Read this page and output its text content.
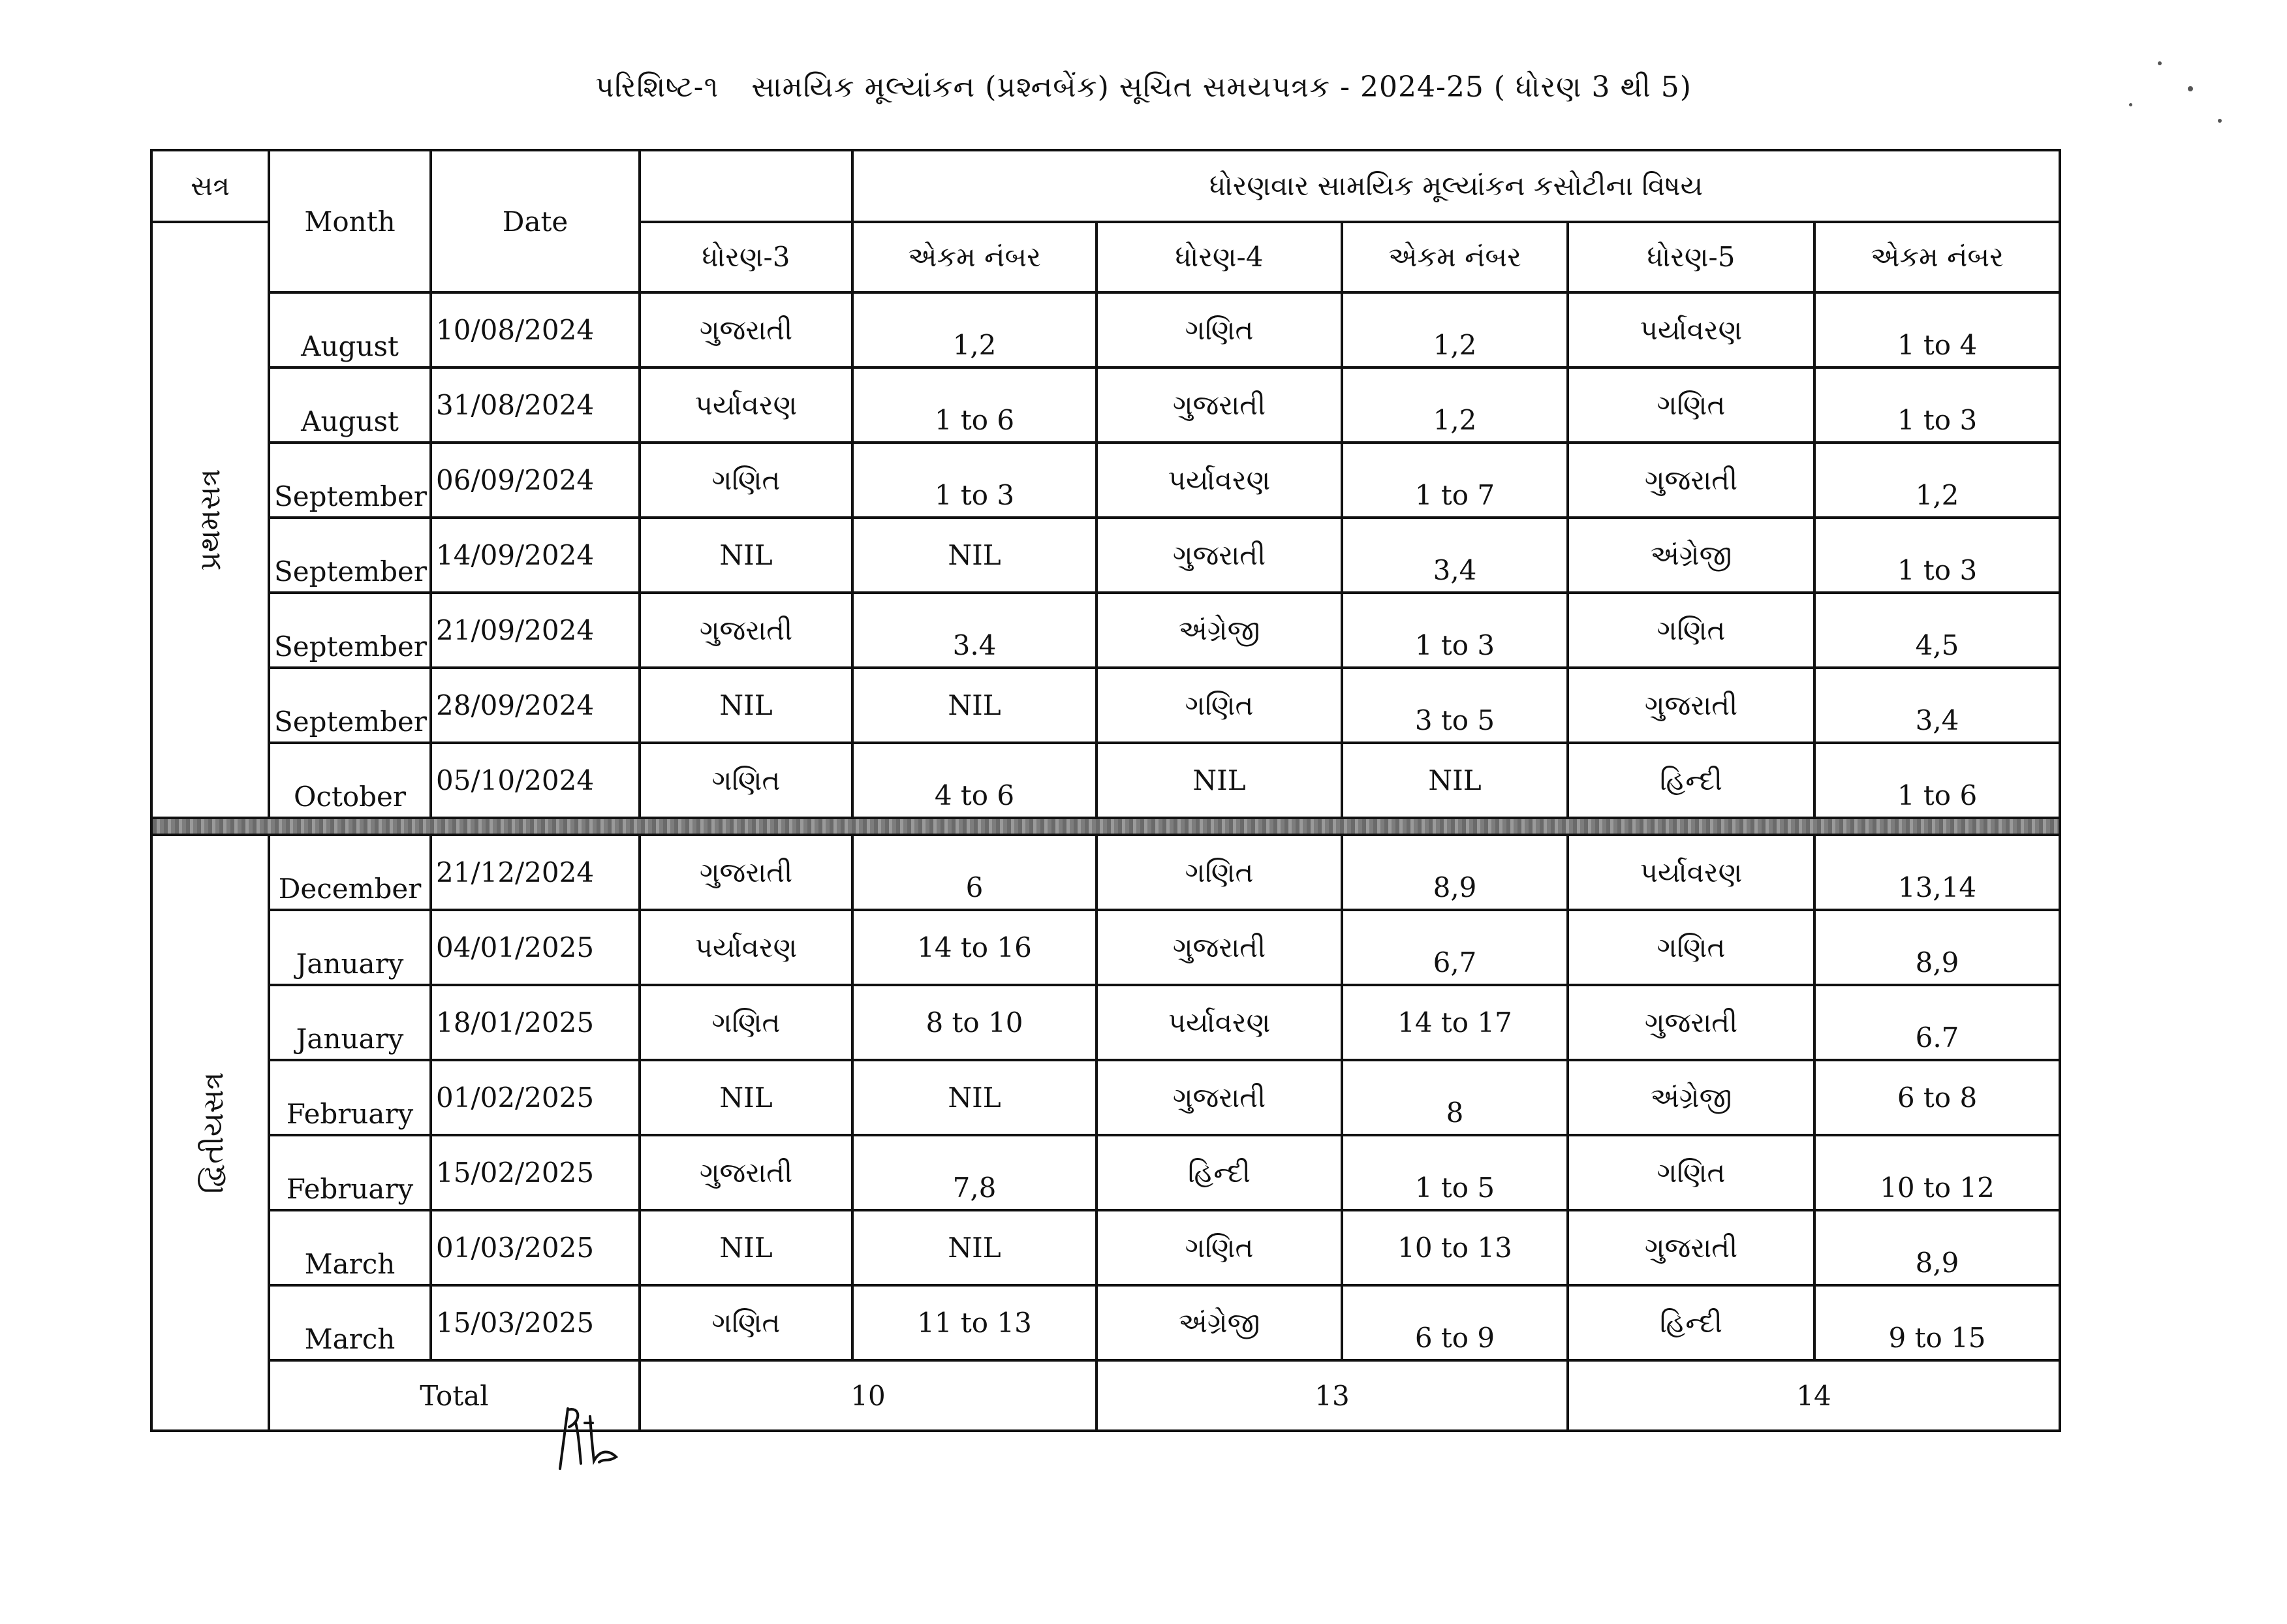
પરિશિષ્ટ-૧ સામયિક મૂલ્યાંકન (પ્રશ્નબેંક) સૂચિત સમયપત્રક - 2024-25 ( ધોરણ 3 થી 5)
સત્ર	Month	Date		ધોરણવાર સામયિક મૂલ્યાંકન કસોટીના વિષય				
પ્રથમસત્ર			ધોરણ-3	એકમ નંબર	ધોરણ-4	એકમ નંબર	ધોરણ-5	એકમ નંબર
	August	10/08/2024	ગુજરાતી	1,2	ગણિત	1,2	પર્યાવરણ	1 to 4
	August	31/08/2024	પર્યાવરણ	1 to 6	ગુજરાતી	1,2	ગણિત	1 to 3
	September	06/09/2024	ગણિત	1 to 3	પર્યાવરણ	1 to 7	ગુજરાતી	1,2
	September	14/09/2024	NIL	NIL	ગુજરાતી	3,4	અંગ્રેજી	1 to 3
	September	21/09/2024	ગુજરાતી	3.4	અંગ્રેજી	1 to 3	ગણિત	4,5
	September	28/09/2024	NIL	NIL	ગણિત	3 to 5	ગુજરાતી	3,4
	October	05/10/2024	ગણિત	4 to 6	NIL	NIL	હિન્દી	1 to 6

દ્વિતીયસત્ર	December	21/12/2024	ગુજરાતી	6	ગણિત	8,9	પર્યાવરણ	13,14
	January	04/01/2025	પર્યાવરણ	14 to 16	ગુજરાતી	6,7	ગણિત	8,9
	January	18/01/2025	ગણિત	8 to 10	પર્યાવરણ	14 to 17	ગુજરાતી	6.7
	February	01/02/2025	NIL	NIL	ગુજરાતી	8	અંગ્રેજી	6 to 8
	February	15/02/2025	ગુજરાતી	7,8	હિન્દી	1 to 5	ગણિત	10 to 12
	March	01/03/2025	NIL	NIL	ગણિત	10 to 13	ગુજરાતી	8,9
	March	15/03/2025	ગણિત	11 to 13	અંગ્રેજી	6 to 9	હિન્દી	9 to 15
	Total		10		13		14	
